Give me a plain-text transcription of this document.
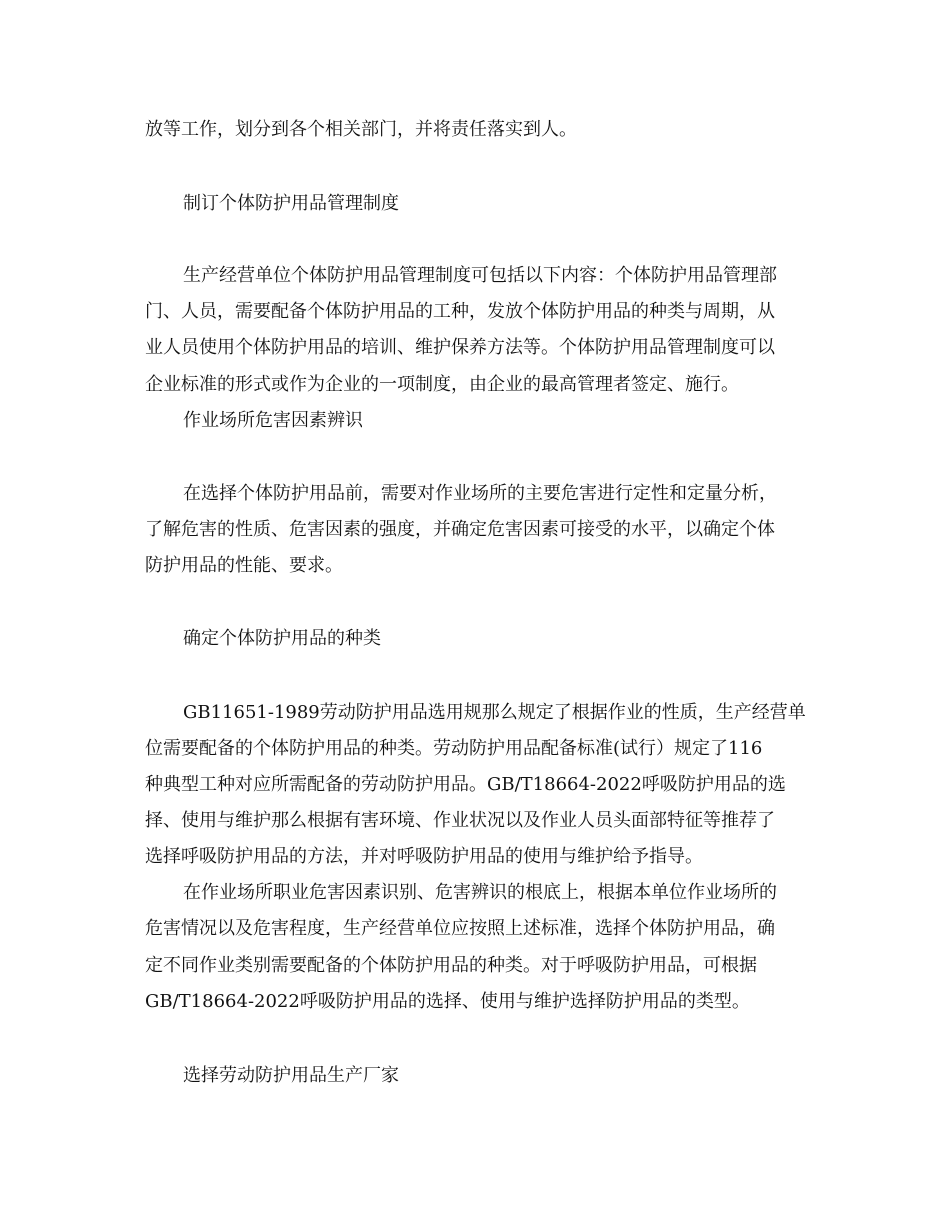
放等工作，划分到各个相关部门，并将责任落实到人。
制订个体防护用品管理制度
生产经营单位个体防护用品管理制度可包括以下内容：个体防护用品管理部
门、人员，需要配备个体防护用品的工种，发放个体防护用品的种类与周期，从
业人员使用个体防护用品的培训、维护保养方法等。个体防护用品管理制度可以
企业标准的形式或作为企业的一项制度，由企业的最高管理者签定、施行。
作业场所危害因素辨识
在选择个体防护用品前，需要对作业场所的主要危害进行定性和定量分析，
了解危害的性质、危害因素的强度，并确定危害因素可接受的水平，以确定个体
防护用品的性能、要求。
确定个体防护用品的种类
GB11651-1989劳动防护用品选用规那么规定了根据作业的性质，生产经营单
位需要配备的个体防护用品的种类。劳动防护用品配备标准(试行）规定了116
种典型工种对应所需配备的劳动防护用品。GB/T18664-2022呼吸防护用品的选
择、使用与维护那么根据有害环境、作业状况以及作业人员头面部特征等推荐了
选择呼吸防护用品的方法，并对呼吸防护用品的使用与维护给予指导。
在作业场所职业危害因素识别、危害辨识的根底上，根据本单位作业场所的
危害情况以及危害程度，生产经营单位应按照上述标准，选择个体防护用品，确
定不同作业类别需要配备的个体防护用品的种类。对于呼吸防护用品，可根据
GB/T18664-2022呼吸防护用品的选择、使用与维护选择防护用品的类型。
选择劳动防护用品生产厂家
